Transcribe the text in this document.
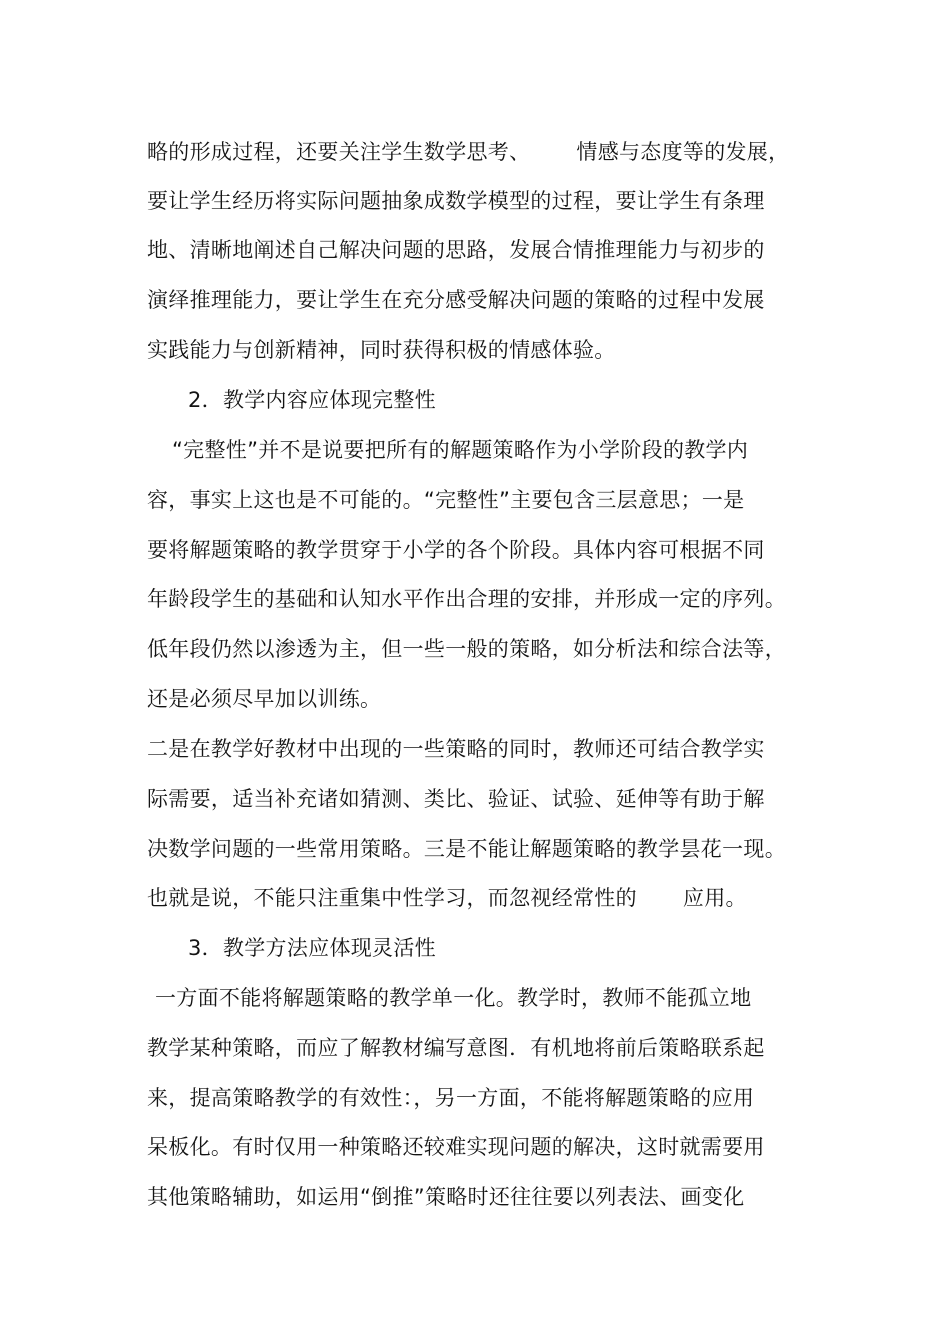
略的形成过程，还要关注学生数学思考、 情感与态度等的发展，
要让学生经历将实际问题抽象成数学模型的过程，要让学生有条理
地、清晰地阐述自己解决问题的思路，发展合情推理能力与初步的
演绎推理能力，要让学生在充分感受解决问题的策略的过程中发展
实践能力与创新精神，同时获得积极的情感体验。
2．教学内容应体现完整性
“完整性”并不是说要把所有的解题策略作为小学阶段的教学内
容，事实上这也是不可能的。“完整性”主要包含三层意思；一是
要将解题策略的教学贯穿于小学的各个阶段。具体内容可根据不同
年龄段学生的基础和认知水平作出合理的安排，并形成一定的序列。
低年段仍然以渗透为主，但一些一般的策略，如分析法和综合法等，
还是必须尽早加以训练。
二是在教学好教材中出现的一些策略的同时，教师还可结合教学实
际需要，适当补充诸如猜测、类比、验证、试验、延伸等有助于解
决数学问题的一些常用策略。三是不能让解题策略的教学昙花一现。
也就是说，不能只注重集中性学习，而忽视经常性的 应用。
3．教学方法应体现灵活性
一方面不能将解题策略的教学单一化。教学时，教师不能孤立地
教学某种策略，而应了解教材编写意图．有机地将前后策略联系起
来，提高策略教学的有效性：，另一方面，不能将解题策略的应用
呆板化。有时仅用一种策略还较难实现问题的解决，这时就需要用
其他策略辅助，如运用“倒推”策略时还往往要以列表法、画变化
